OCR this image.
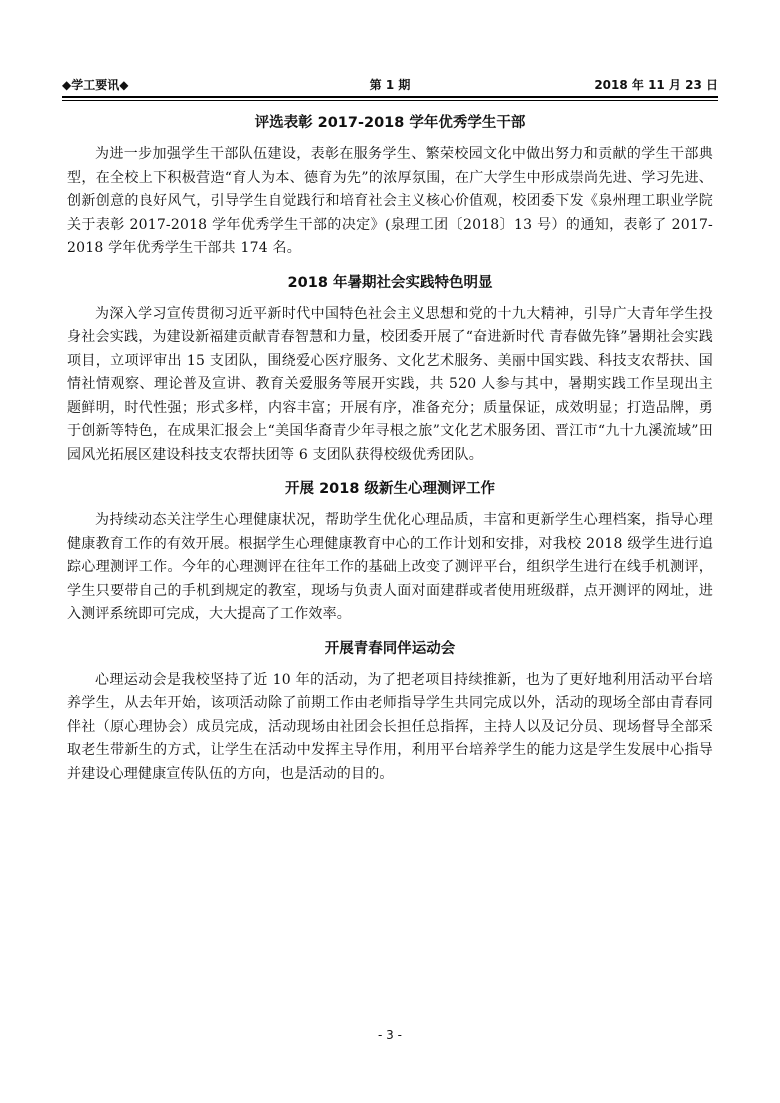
◆学工要讯◆	第 1 期	2018 年 11 月 23 日
评选表彰 2017-2018 学年优秀学生干部

为进一步加强学生干部队伍建设，表彰在服务学生、繁荣校园文化中做出努力和贡献的学生干部典型，在全校上下积极营造“育人为本、德育为先”的浓厚氛围，在广大学生中形成崇尚先进、学习先进、创新创意的良好风气，引导学生自觉践行和培育社会主义核心价值观，校团委下发《泉州理工职业学院关于表彰 2017-2018 学年优秀学生干部的决定》(泉理工团〔2018〕13 号）的通知，表彰了 2017-2018 学年优秀学生干部共 174 名。

2018 年暑期社会实践特色明显

为深入学习宣传贯彻习近平新时代中国特色社会主义思想和党的十九大精神，引导广大青年学生投身社会实践，为建设新福建贡献青春智慧和力量，校团委开展了“奋进新时代 青春做先锋”暑期社会实践项目，立项评审出 15 支团队，围绕爱心医疗服务、文化艺术服务、美丽中国实践、科技支农帮扶、国情社情观察、理论普及宣讲、教育关爱服务等展开实践，共 520 人参与其中，暑期实践工作呈现出主题鲜明，时代性强；形式多样，内容丰富；开展有序，准备充分；质量保证，成效明显；打造品牌，勇于创新等特色，在成果汇报会上“美国华裔青少年寻根之旅”文化艺术服务团、晋江市“九十九溪流域”田园风光拓展区建设科技支农帮扶团等 6 支团队获得校级优秀团队。

开展 2018 级新生心理测评工作

为持续动态关注学生心理健康状况，帮助学生优化心理品质，丰富和更新学生心理档案，指导心理健康教育工作的有效开展。根据学生心理健康教育中心的工作计划和安排，对我校 2018 级学生进行追踪心理测评工作。今年的心理测评在往年工作的基础上改变了测评平台，组织学生进行在线手机测评，学生只要带自己的手机到规定的教室，现场与负责人面对面建群或者使用班级群，点开测评的网址，进入测评系统即可完成，大大提高了工作效率。

开展青春同伴运动会

心理运动会是我校坚持了近 10 年的活动，为了把老项目持续推新，也为了更好地利用活动平台培养学生，从去年开始，该项活动除了前期工作由老师指导学生共同完成以外，活动的现场全部由青春同伴社（原心理协会）成员完成，活动现场由社团会长担任总指挥，主持人以及记分员、现场督导全部采取老生带新生的方式，让学生在活动中发挥主导作用，利用平台培养学生的能力这是学生发展中心指导并建设心理健康宣传队伍的方向，也是活动的目的。

- 3 -
